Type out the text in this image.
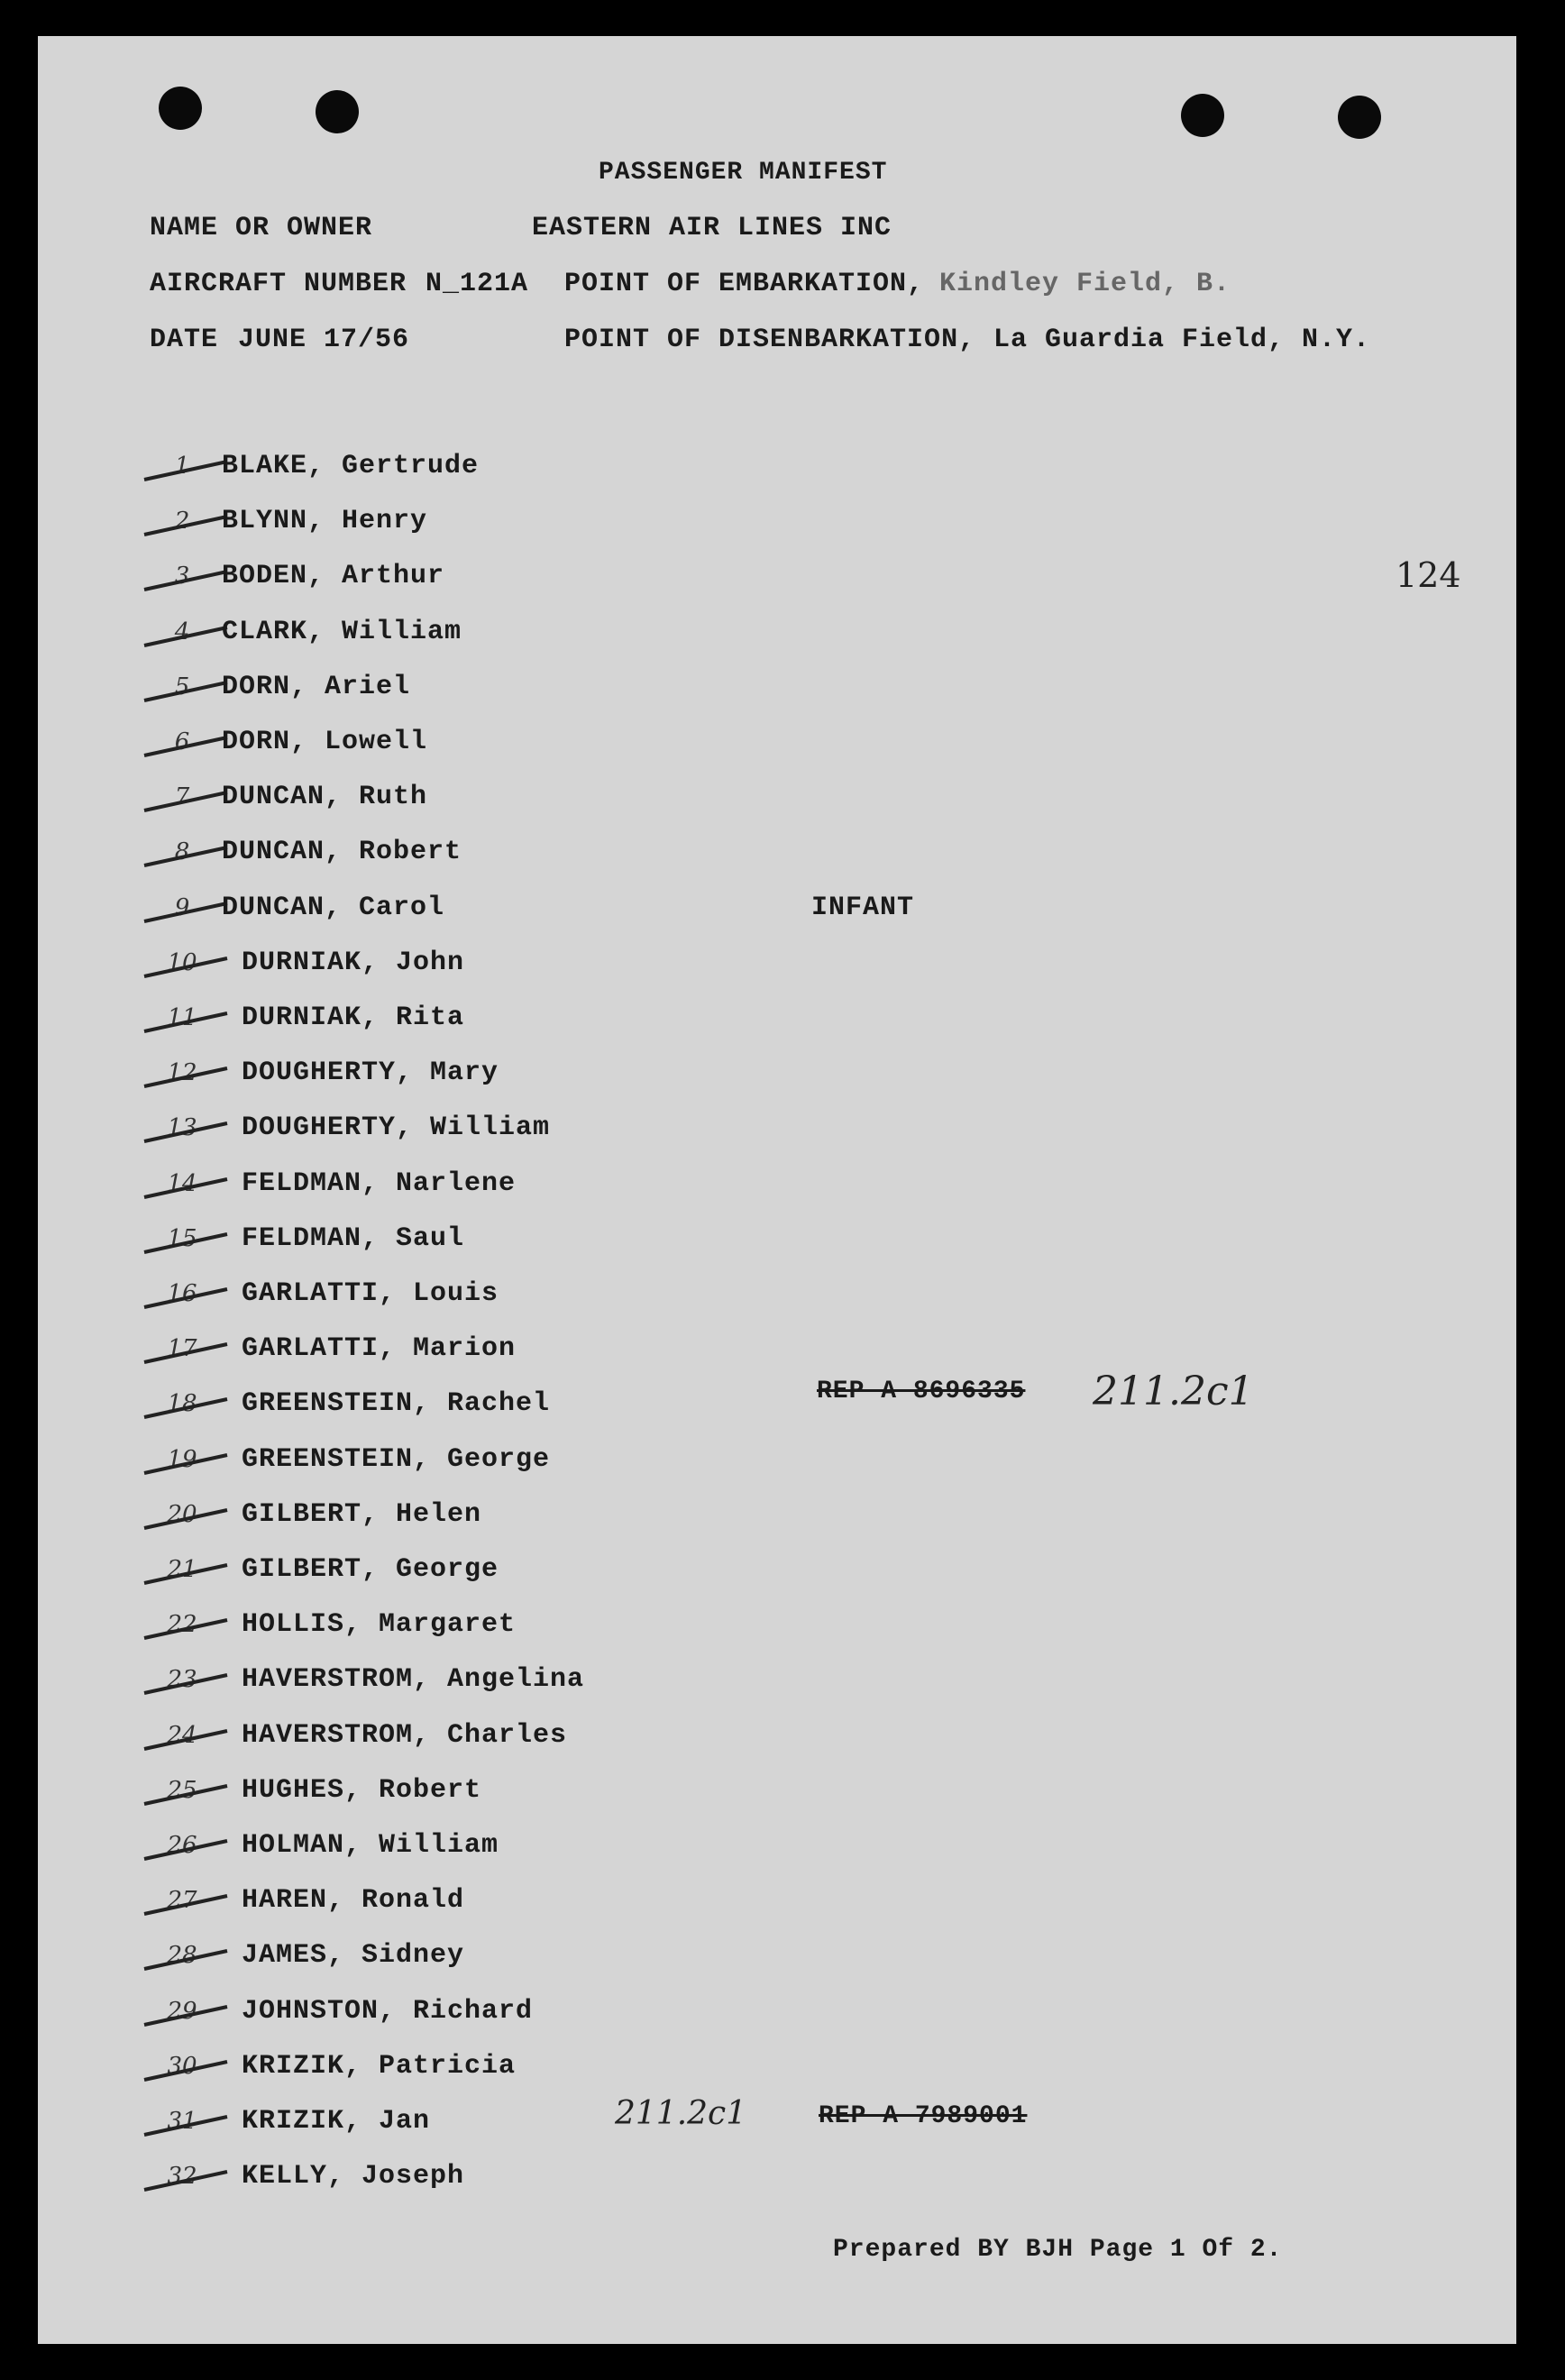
PASSENGER MANIFEST
NAME OR OWNER	EASTERN AIR LINES INC
AIRCRAFT NUMBER N_121A POINT OF EMBARKATION, Kindley Field, B.
DATE JUNE 17/56	POINT OF DISENBARKATION, La Guardia Field, N.Y.
124
1	BLAKE, Gertrude
2	BLYNN, Henry
3	BODEN, Arthur
4	CLARK, William
5	DORN, Ariel
6	DORN, Lowell
7	DUNCAN, Ruth
8	DUNCAN, Robert
9	DUNCAN, Carol	INFANT
10	DURNIAK, John
11	DURNIAK, Rita
12	DOUGHERTY, Mary
13	DOUGHERTY, William
14	FELDMAN, Narlene
15	FELDMAN, Saul
16	GARLATTI, Louis
17	GARLATTI, Marion
18	GREENSTEIN, Rachel
19	GREENSTEIN, George
20	GILBERT, Helen
21	GILBERT, George
22	HOLLIS, Margaret
23	HAVERSTROM, Angelina
24	HAVERSTROM, Charles
25	HUGHES, Robert
26	HOLMAN, William
27	HAREN, Ronald
28	JAMES, Sidney
29	JOHNSTON, Richard
30	KRIZIK, Patricia
31	KRIZIK, Jan
32	KELLY, Joseph
REP A 8696335 211.2c1
211.2c1	REP A 7989001
Prepared BY BJH Page 1 Of 2.
